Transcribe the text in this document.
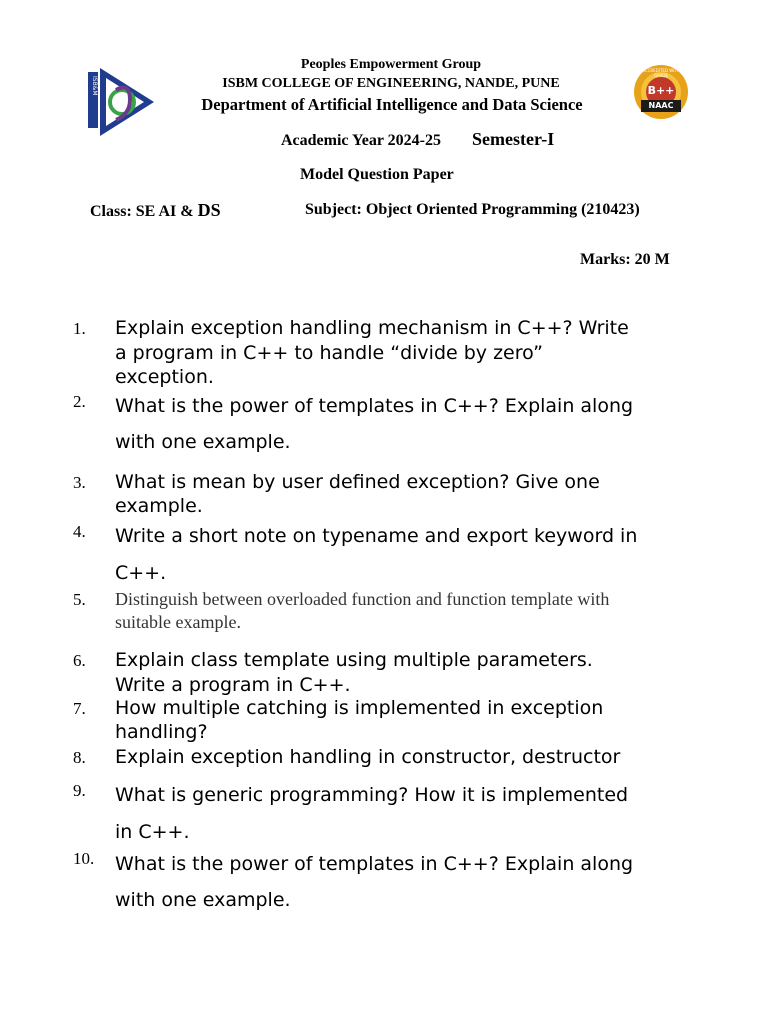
ISB&M	B++
NAAC
ACCREDITED WITH GRADE
Peoples Empowerment Group
ISBM COLLEGE OF ENGINEERING, NANDE, PUNE
Department of Artificial Intelligence and Data Science
Academic Year 2024-25 Semester-I
Model Question Paper
Class: SE AI & DS	Subject: Object Oriented Programming (210423)
Marks: 20 M
1.	Explain exception handling mechanism in C++? Write
a program in C++ to handle “divide by zero”
exception.
2.	What is the power of templates in C++? Explain along
with one example.
3.	What is mean by user defined exception? Give one
example.
4.	Write a short note on typename and export keyword in
C++.
5.	Distinguish between overloaded function and function template with
suitable example.
6.	Explain class template using multiple parameters.
Write a program in C++.
7.	How multiple catching is implemented in exception
handling?
8.	Explain exception handling in constructor, destructor
9.	What is generic programming? How it is implemented
in C++.
10.	What is the power of templates in C++? Explain along
with one example.
